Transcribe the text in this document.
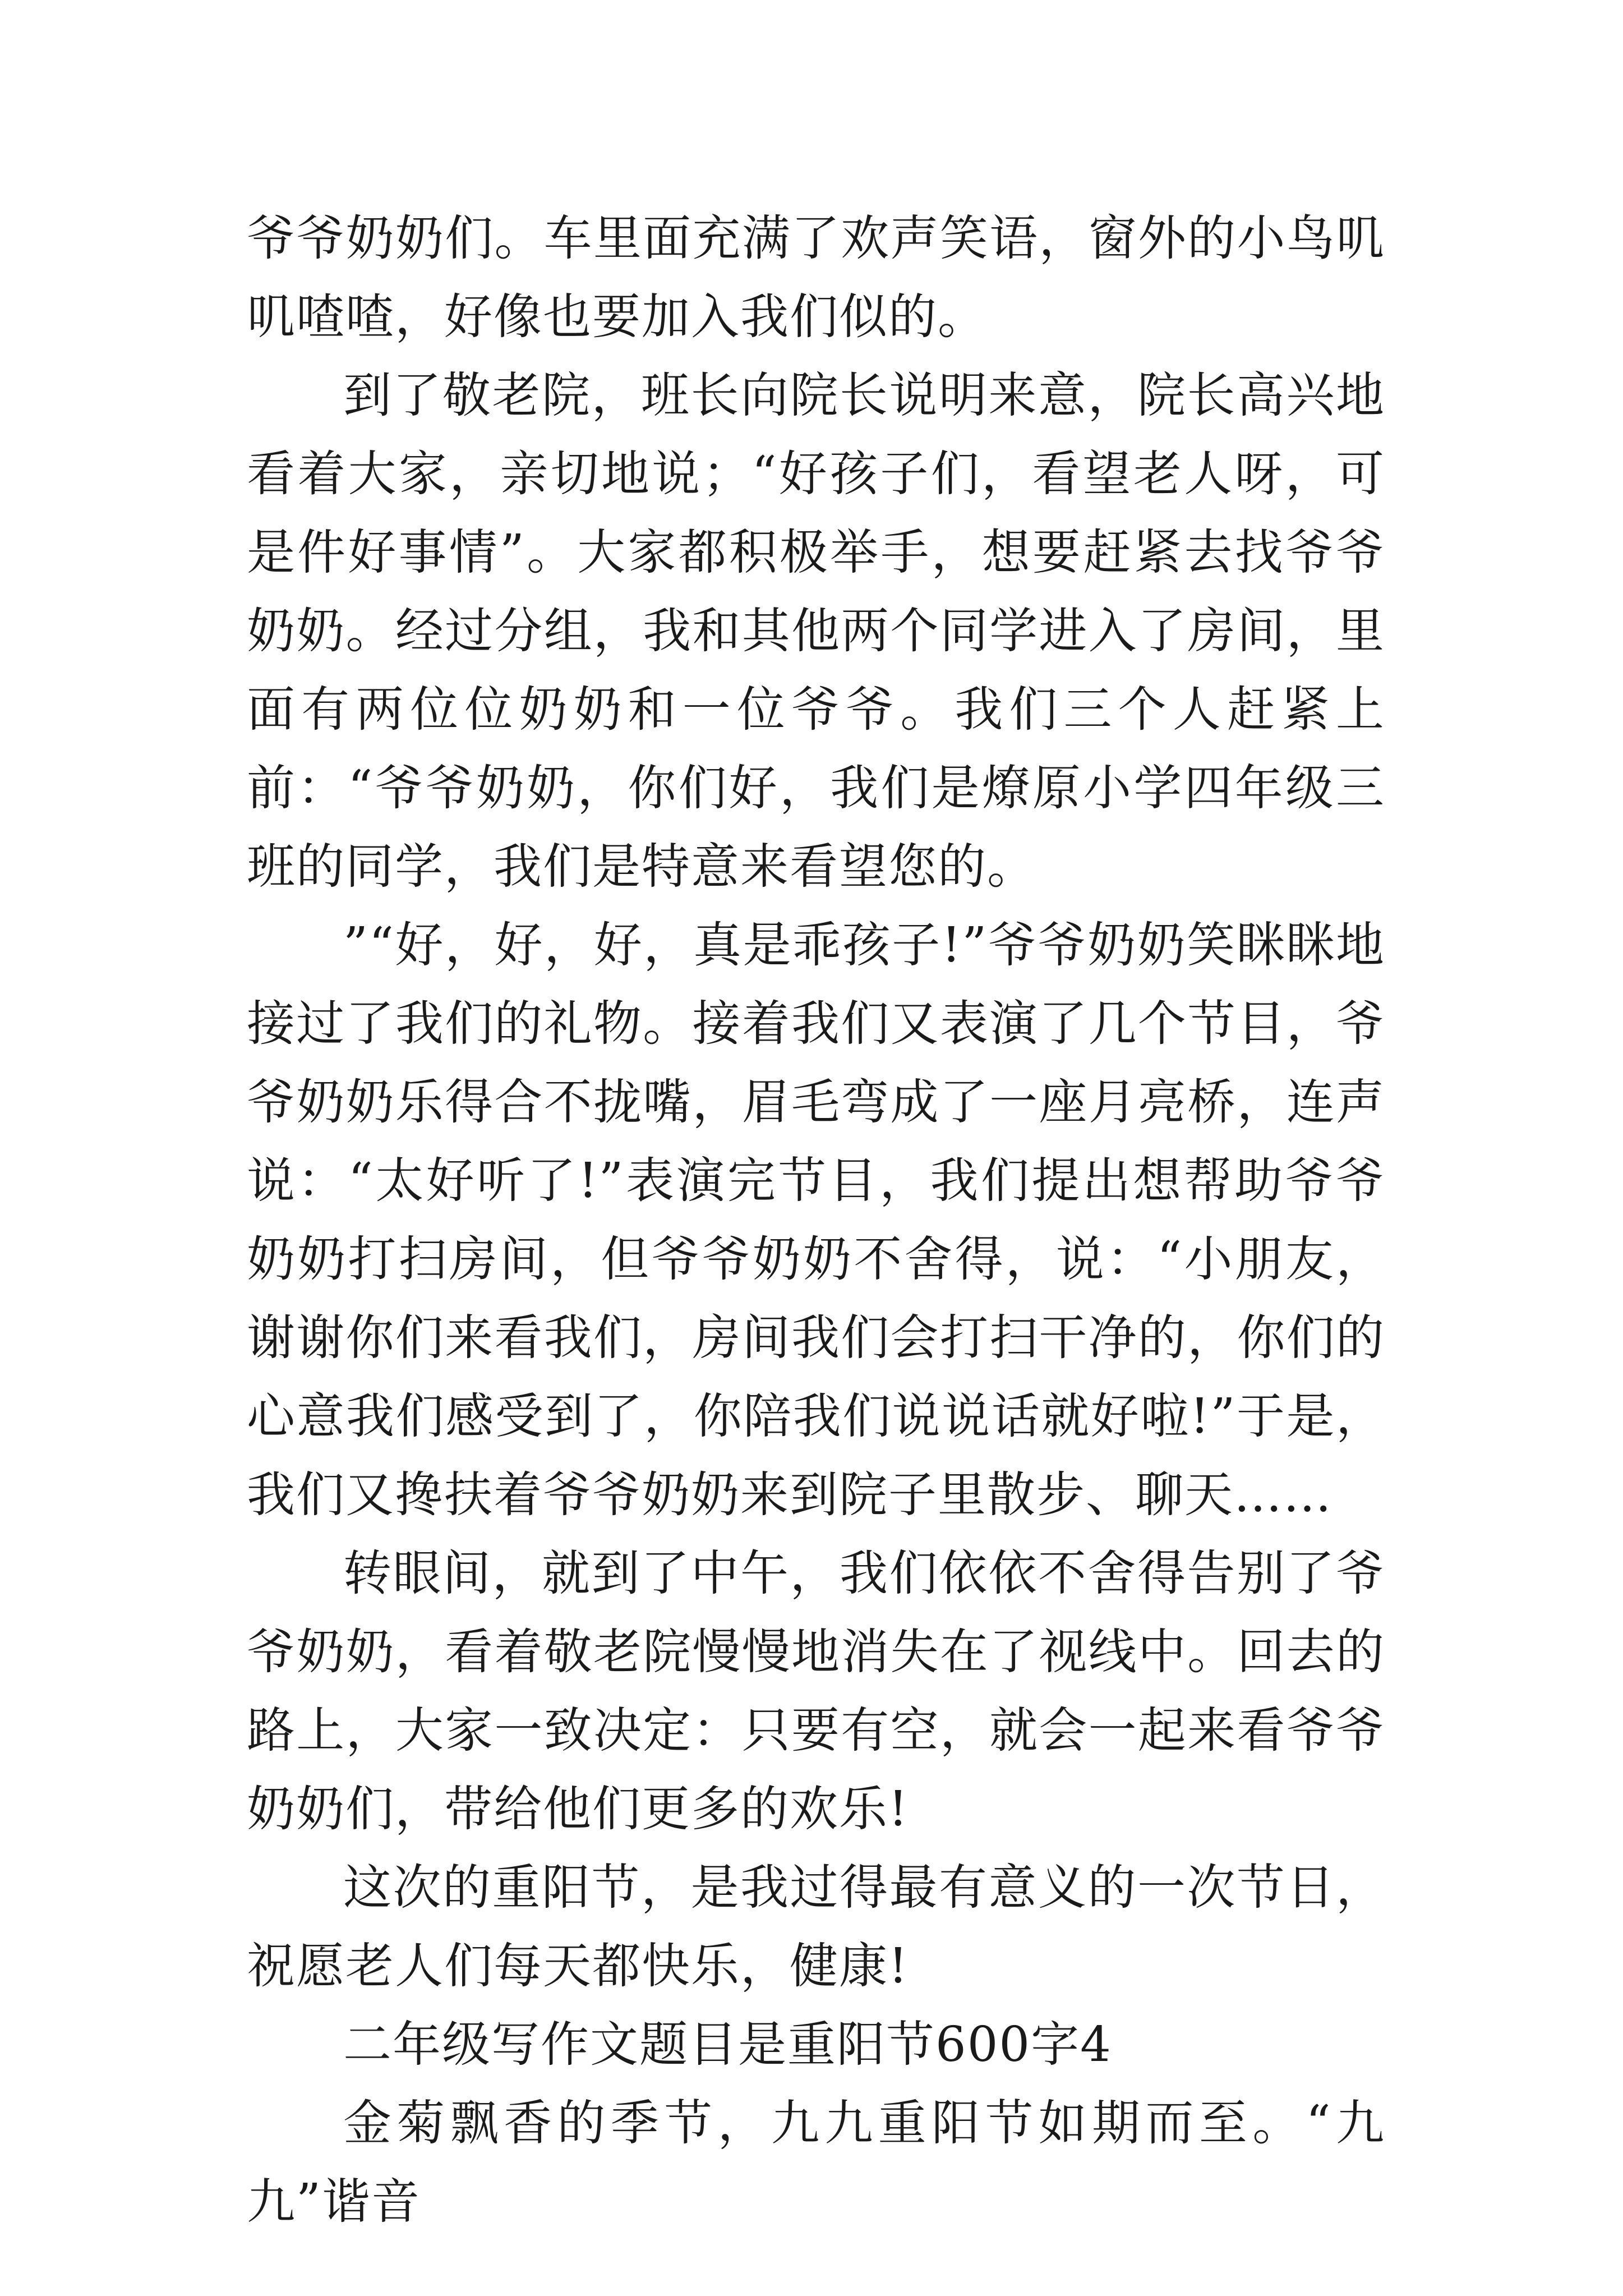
爷爷奶奶们。车里面充满了欢声笑语，窗外的小鸟叽叽喳喳，好像也要加入我们似的。

到了敬老院，班长向院长说明来意，院长高兴地看着大家，亲切地说；“好孩子们，看望老人呀，可是件好事情”。大家都积极举手，想要赶紧去找爷爷奶奶。经过分组，我和其他两个同学进入了房间，里面有两位位奶奶和一位爷爷。我们三个人赶紧上前：“爷爷奶奶，你们好，我们是燎原小学四年级三班的同学，我们是特意来看望您的。

”“好，好，好，真是乖孩子!”爷爷奶奶笑眯眯地接过了我们的礼物。接着我们又表演了几个节目，爷爷奶奶乐得合不拢嘴，眉毛弯成了一座月亮桥，连声说：“太好听了!”表演完节目，我们提出想帮助爷爷奶奶打扫房间，但爷爷奶奶不舍得，说：“小朋友，谢谢你们来看我们，房间我们会打扫干净的，你们的心意我们感受到了，你陪我们说说话就好啦!”于是，我们又搀扶着爷爷奶奶来到院子里散步、聊天……

转眼间，就到了中午，我们依依不舍得告别了爷爷奶奶，看着敬老院慢慢地消失在了视线中。回去的路上，大家一致决定：只要有空，就会一起来看爷爷奶奶们，带给他们更多的欢乐!

这次的重阳节，是我过得最有意义的一次节日，祝愿老人们每天都快乐，健康!

二年级写作文题目是重阳节600字4

金菊飘香的季节，九九重阳节如期而至。“九九”谐音
